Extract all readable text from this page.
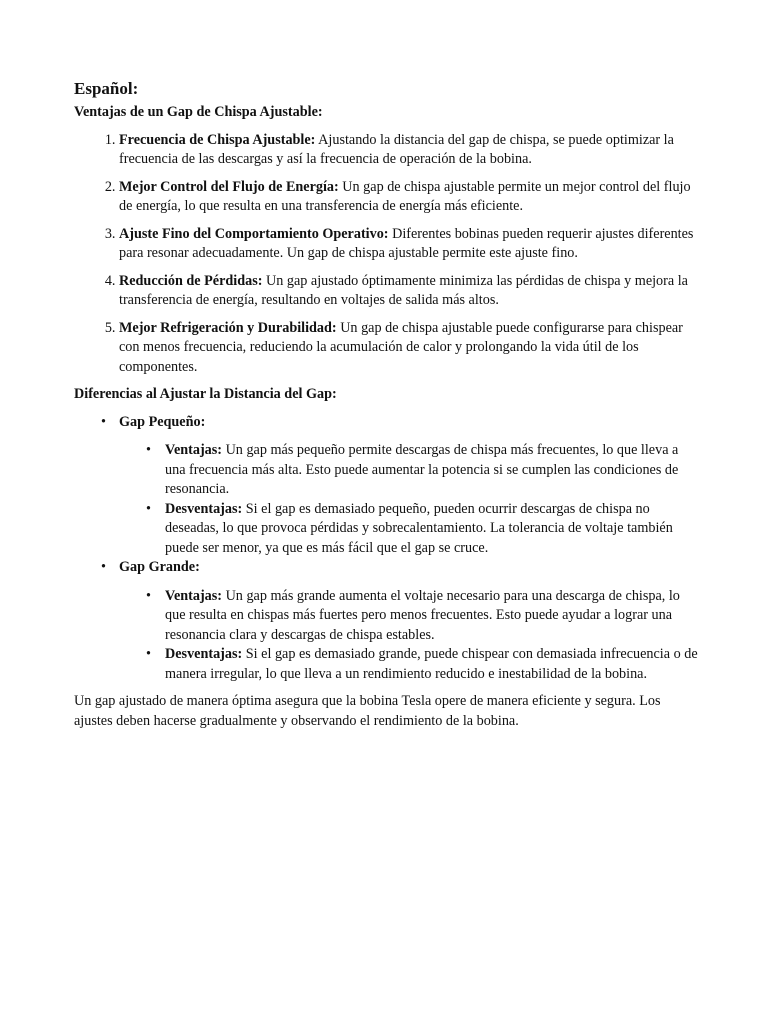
Español:
Ventajas de un Gap de Chispa Ajustable:
1. Frecuencia de Chispa Ajustable: Ajustando la distancia del gap de chispa, se puede optimizar la frecuencia de las descargas y así la frecuencia de operación de la bobina.
2. Mejor Control del Flujo de Energía: Un gap de chispa ajustable permite un mejor control del flujo de energía, lo que resulta en una transferencia de energía más eficiente.
3. Ajuste Fino del Comportamiento Operativo: Diferentes bobinas pueden requerir ajustes diferentes para resonar adecuadamente. Un gap de chispa ajustable permite este ajuste fino.
4. Reducción de Pérdidas: Un gap ajustado óptimamente minimiza las pérdidas de chispa y mejora la transferencia de energía, resultando en voltajes de salida más altos.
5. Mejor Refrigeración y Durabilidad: Un gap de chispa ajustable puede configurarse para chispear con menos frecuencia, reduciendo la acumulación de calor y prolongando la vida útil de los componentes.
Diferencias al Ajustar la Distancia del Gap:
• Gap Pequeño:
• Ventajas: Un gap más pequeño permite descargas de chispa más frecuentes, lo que lleva a una frecuencia más alta. Esto puede aumentar la potencia si se cumplen las condiciones de resonancia.
• Desventajas: Si el gap es demasiado pequeño, pueden ocurrir descargas de chispa no deseadas, lo que provoca pérdidas y sobrecalentamiento. La tolerancia de voltaje también puede ser menor, ya que es más fácil que el gap se cruce.
• Gap Grande:
• Ventajas: Un gap más grande aumenta el voltaje necesario para una descarga de chispa, lo que resulta en chispas más fuertes pero menos frecuentes. Esto puede ayudar a lograr una resonancia clara y descargas de chispa estables.
• Desventajas: Si el gap es demasiado grande, puede chispear con demasiada infrecuencia o de manera irregular, lo que lleva a un rendimiento reducido e inestabilidad de la bobina.

Un gap ajustado de manera óptima asegura que la bobina Tesla opere de manera eficiente y segura. Los ajustes deben hacerse gradualmente y observando el rendimiento de la bobina.
